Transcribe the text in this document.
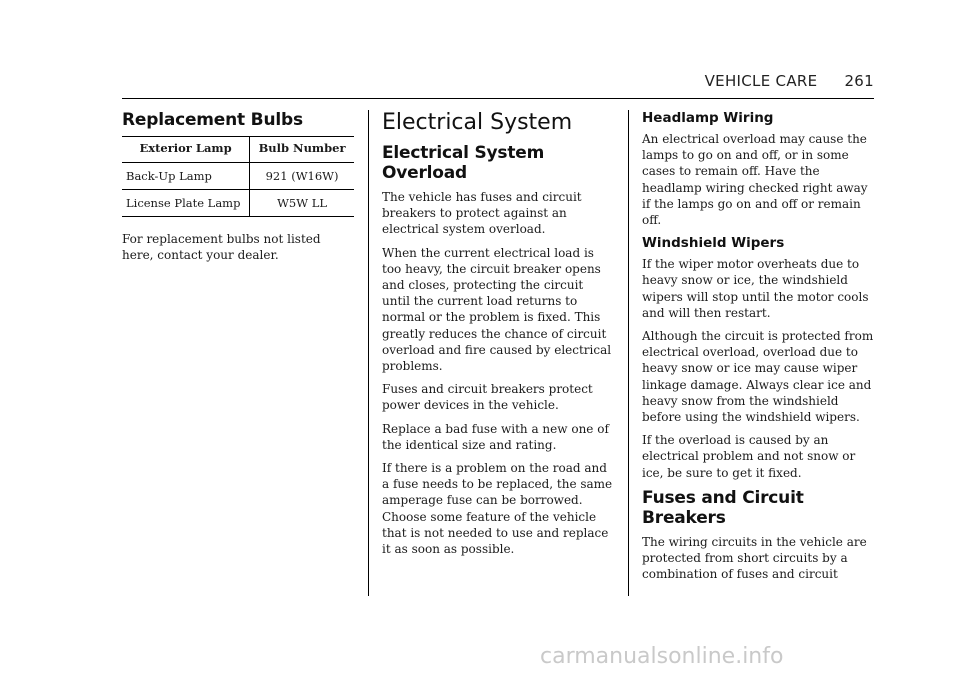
VEHICLE CARE 261
Replacement Bulbs
Exterior Lamp	Bulb Number
Back-Up Lamp	921 (W16W)
License Plate Lamp	W5W LL

For replacement bulbs not listed here, contact your dealer.

Electrical System
Electrical System Overload

The vehicle has fuses and circuit breakers to protect against an electrical system overload.

When the current electrical load is too heavy, the circuit breaker opens and closes, protecting the circuit until the current load returns to normal or the problem is fixed. This greatly reduces the chance of circuit overload and fire caused by electrical problems.

Fuses and circuit breakers protect power devices in the vehicle.

Replace a bad fuse with a new one of the identical size and rating.

If there is a problem on the road and a fuse needs to be replaced, the same amperage fuse can be borrowed. Choose some feature of the vehicle that is not needed to use and replace it as soon as possible.

Headlamp Wiring

An electrical overload may cause the lamps to go on and off, or in some cases to remain off. Have the headlamp wiring checked right away if the lamps go on and off or remain off.

Windshield Wipers

If the wiper motor overheats due to heavy snow or ice, the windshield wipers will stop until the motor cools and will then restart.

Although the circuit is protected from electrical overload, overload due to heavy snow or ice may cause wiper linkage damage. Always clear ice and heavy snow from the windshield before using the windshield wipers.

If the overload is caused by an electrical problem and not snow or ice, be sure to get it fixed.

Fuses and Circuit Breakers

The wiring circuits in the vehicle are protected from short circuits by a combination of fuses and circuit

carmanualsonline.info
